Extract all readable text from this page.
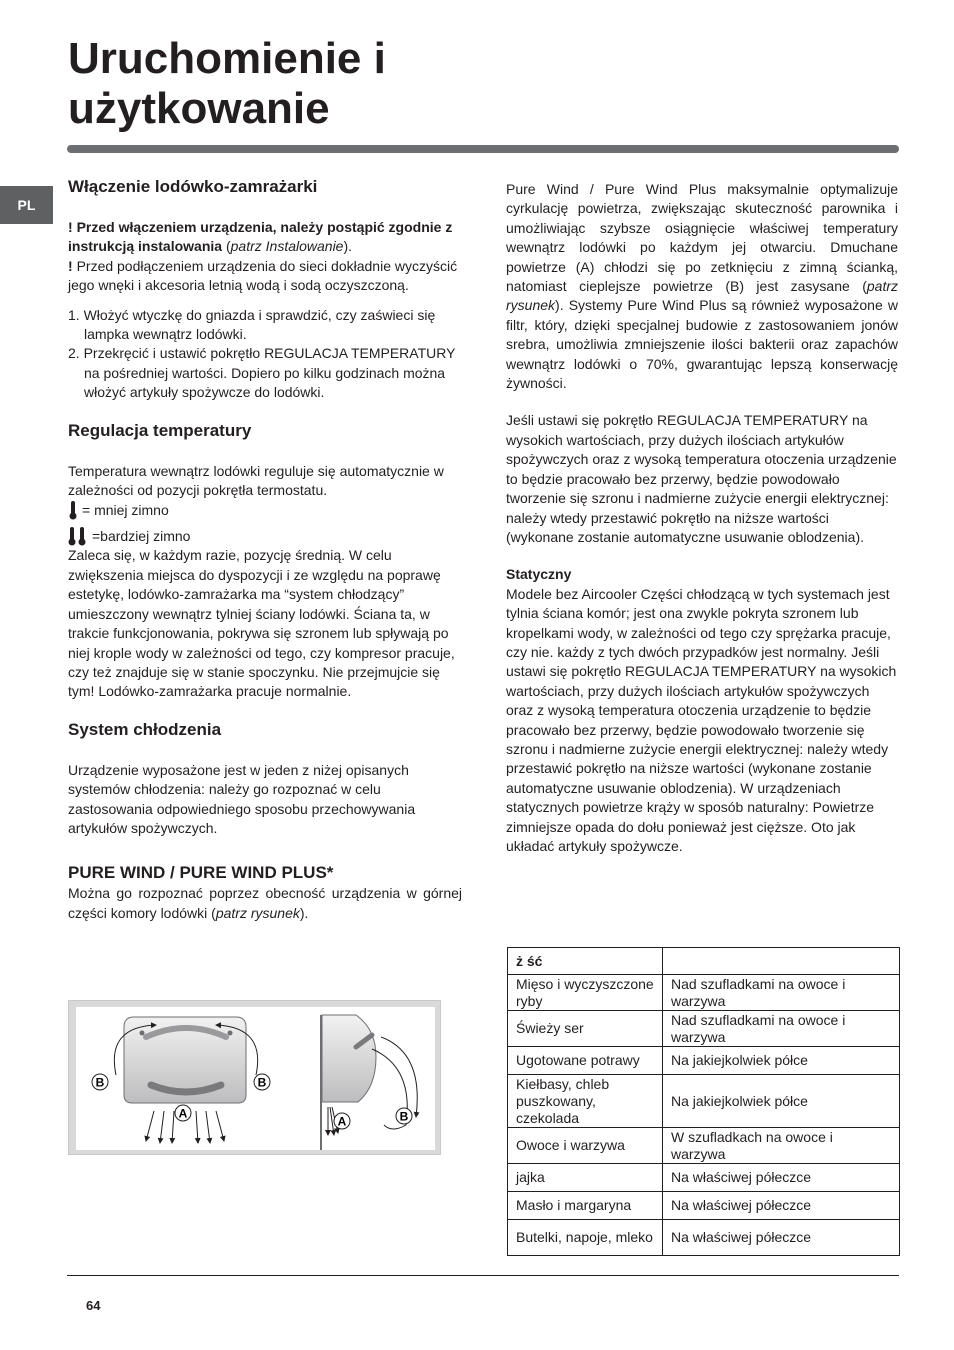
Uruchomienie i
użytkowanie
PL
Włączenie lodówko-zamrażarki

! Przed włączeniem urządzenia, należy postąpić zgodnie z instrukcją instalowania (patrz Instalowanie).

! Przed podłączeniem urządzenia do sieci dokładnie wyczyścić jego wnęki i akcesoria letnią wodą i sodą oczyszczoną.

1. Włożyć wtyczkę do gniazda i sprawdzić, czy zaświeci się lampka wewnątrz lodówki.
2. Przekręcić i ustawić pokrętło REGULACJA TEMPERATURY na pośredniej wartości. Dopiero po kilku godzinach można włożyć artykuły spożywcze do lodówki.
Regulacja temperatury

Temperatura wewnątrz lodówki reguluje się automatycznie w zależności od pozycji pokrętła termostatu.

= mniej zimno
=bardziej zimno

Zaleca się, w każdym razie, pozycję średnią. W celu zwiększenia miejsca do dyspozycji i ze względu na poprawę estetykę, lodówko-zamrażarka ma “system chłodzący” umieszczony wewnątrz tylniej ściany lodówki. Ściana ta, w trakcie funkcjonowania, pokrywa się szronem lub spływają po niej krople wody w zależności od tego, czy kompresor pracuje, czy też znajduje się w stanie spoczynku. Nie przejmujcie się tym! Lodówko-zamrażarka pracuje normalnie.

System chłodzenia

Urządzenie wyposażone jest w jeden z niżej opisanych systemów chłodzenia: należy go rozpoznać w celu zastosowania odpowiedniego sposobu przechowywania artykułów spożywczych.

PURE WIND / PURE WIND PLUS*

Można go rozpoznać poprzez obecność urządzenia w górnej części komory lodówki (patrz rysunek).

B	B
A
A	B

Pure Wind / Pure Wind Plus maksymalnie optymalizuje cyrkulację powietrza, zwiększając skuteczność parownika i umożliwiając szybsze osiągnięcie właściwej temperatury wewnątrz lodówki po każdym jej otwarciu. Dmuchane powietrze (A) chłodzi się po zetknięciu z zimną ścianką, natomiast cieplejsze powietrze (B) jest zasysane (patrz rysunek). Systemy Pure Wind Plus są również wyposażone w filtr, który, dzięki specjalnej budowie z zastosowaniem jonów srebra, umożliwia zmniejszenie ilości bakterii oraz zapachów wewnątrz lodówki o 70%, gwarantując lepszą konserwację żywności.

Jeśli ustawi się pokrętło REGULACJA TEMPERATURY na wysokich wartościach, przy dużych ilościach artykułów spożywczych oraz z wysoką temperatura otoczenia urządzenie to będzie pracowało bez przerwy, będzie powodowało tworzenie się szronu i nadmierne zużycie energii elektrycznej: należy wtedy przestawić pokrętło na niższe wartości (wykonane zostanie automatyczne usuwanie oblodzenia).

Statyczny

Modele bez Aircooler Części chłodzącą w tych systemach jest tylnia ściana komór; jest ona zwykle pokryta szronem lub kropelkami wody, w zależności od tego czy sprężarka pracuje, czy nie. każdy z tych dwóch przypadków jest normalny. Jeśli ustawi się pokrętło REGULACJA TEMPERATURY na wysokich wartościach, przy dużych ilościach artykułów spożywczych oraz z wysoką temperatura otoczenia urządzenie to będzie pracowało bez przerwy, będzie powodowało tworzenie się szronu i nadmierne zużycie energii elektrycznej: należy wtedy przestawić pokrętło na niższe wartości (wykonane zostanie automatyczne usuwanie oblodzenia). W urządzeniach statycznych powietrze krąży w sposób naturalny: Powietrze zimniejsze opada do dołu ponieważ jest cięższe. Oto jak układać artykuły spożywcze.

ż ść	
Mięso i wyczyszczone ryby	Nad szufladkami na owoce i warzywa
Świeży ser	Nad szufladkami na owoce i warzywa
Ugotowane potrawy	Na jakiejkolwiek półce
Kiełbasy, chleb puszkowany, czekolada	Na jakiejkolwiek półce
Owoce i warzywa	W szufladkach na owoce i warzywa
jajka	Na właściwej półeczce
Masło i margaryna	Na właściwej półeczce
Butelki, napoje, mleko	Na właściwej półeczce
64
